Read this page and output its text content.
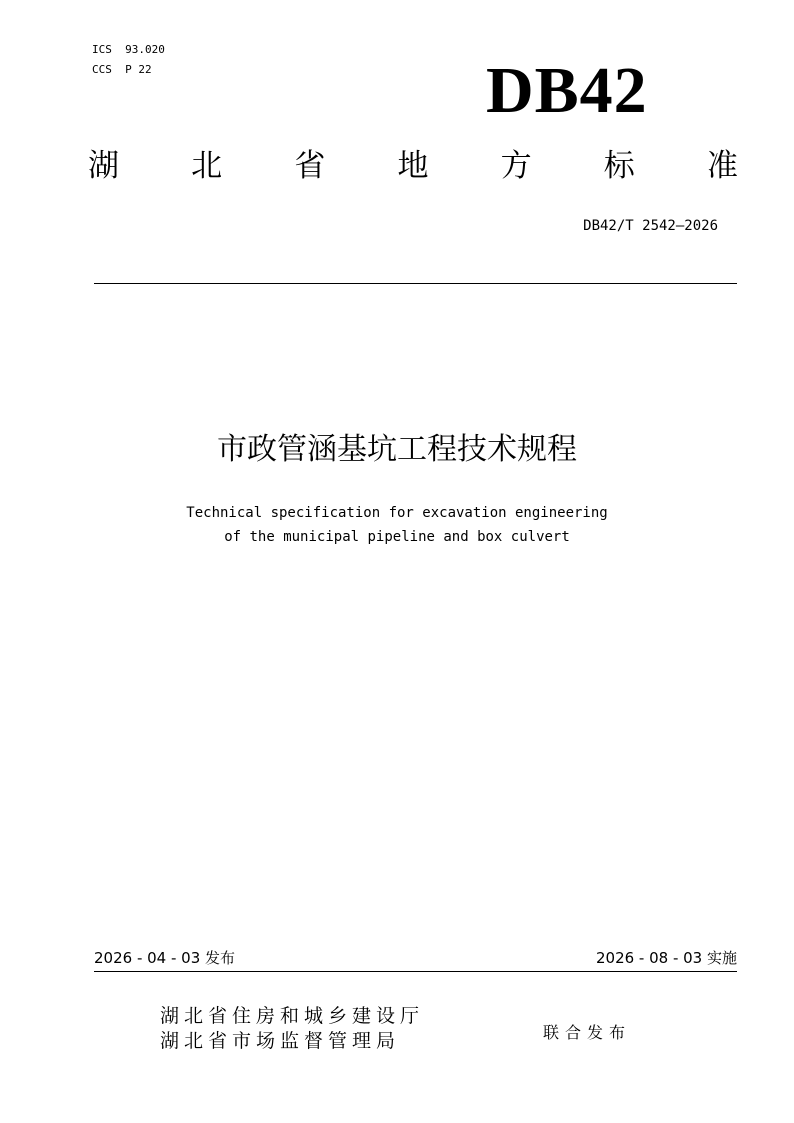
ICS  93.020
CCS  P 22	DB42
湖 北 省 地 方 标 准
DB42/T 2542—2026
市政管涵基坑工程技术规程
Technical specification for excavation engineering
of the municipal pipeline and box culvert
2026 - 04 - 03 发布	2026 - 08 - 03 实施
湖北省住房和城乡建设厅
湖北省市场监督管理局	联合发布
